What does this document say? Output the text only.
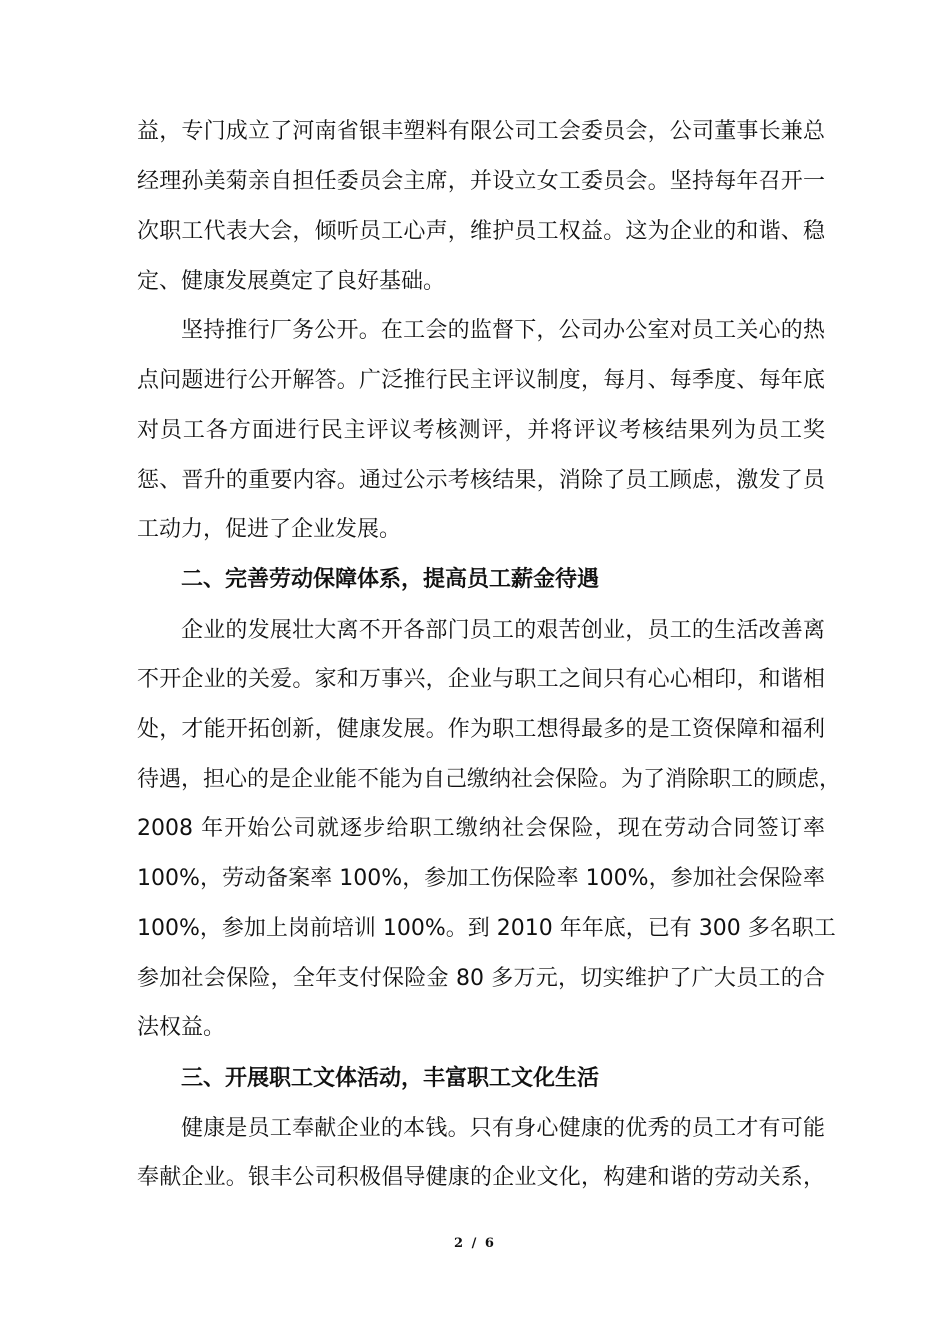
益，专门成立了河南省银丰塑料有限公司工会委员会，公司董事长兼总
经理孙美菊亲自担任委员会主席，并设立女工委员会。坚持每年召开一
次职工代表大会，倾听员工心声，维护员工权益。这为企业的和谐、稳
定、健康发展奠定了良好基础。
坚持推行厂务公开。在工会的监督下，公司办公室对员工关心的热
点问题进行公开解答。广泛推行民主评议制度，每月、每季度、每年底
对员工各方面进行民主评议考核测评，并将评议考核结果列为员工奖
惩、晋升的重要内容。通过公示考核结果，消除了员工顾虑，激发了员
工动力，促进了企业发展。
二、完善劳动保障体系，提高员工薪金待遇
企业的发展壮大离不开各部门员工的艰苦创业，员工的生活改善离
不开企业的关爱。家和万事兴，企业与职工之间只有心心相印，和谐相
处，才能开拓创新，健康发展。作为职工想得最多的是工资保障和福利
待遇，担心的是企业能不能为自己缴纳社会保险。为了消除职工的顾虑，
2008 年开始公司就逐步给职工缴纳社会保险，现在劳动合同签订率
100%，劳动备案率 100%，参加工伤保险率 100%，参加社会保险率
100%，参加上岗前培训 100%。到 2010 年年底，已有 300 多名职工
参加社会保险，全年支付保险金 80 多万元，切实维护了广大员工的合
法权益。
三、开展职工文体活动，丰富职工文化生活
健康是员工奉献企业的本钱。只有身心健康的优秀的员工才有可能
奉献企业。银丰公司积极倡导健康的企业文化，构建和谐的劳动关系，
2 / 6
